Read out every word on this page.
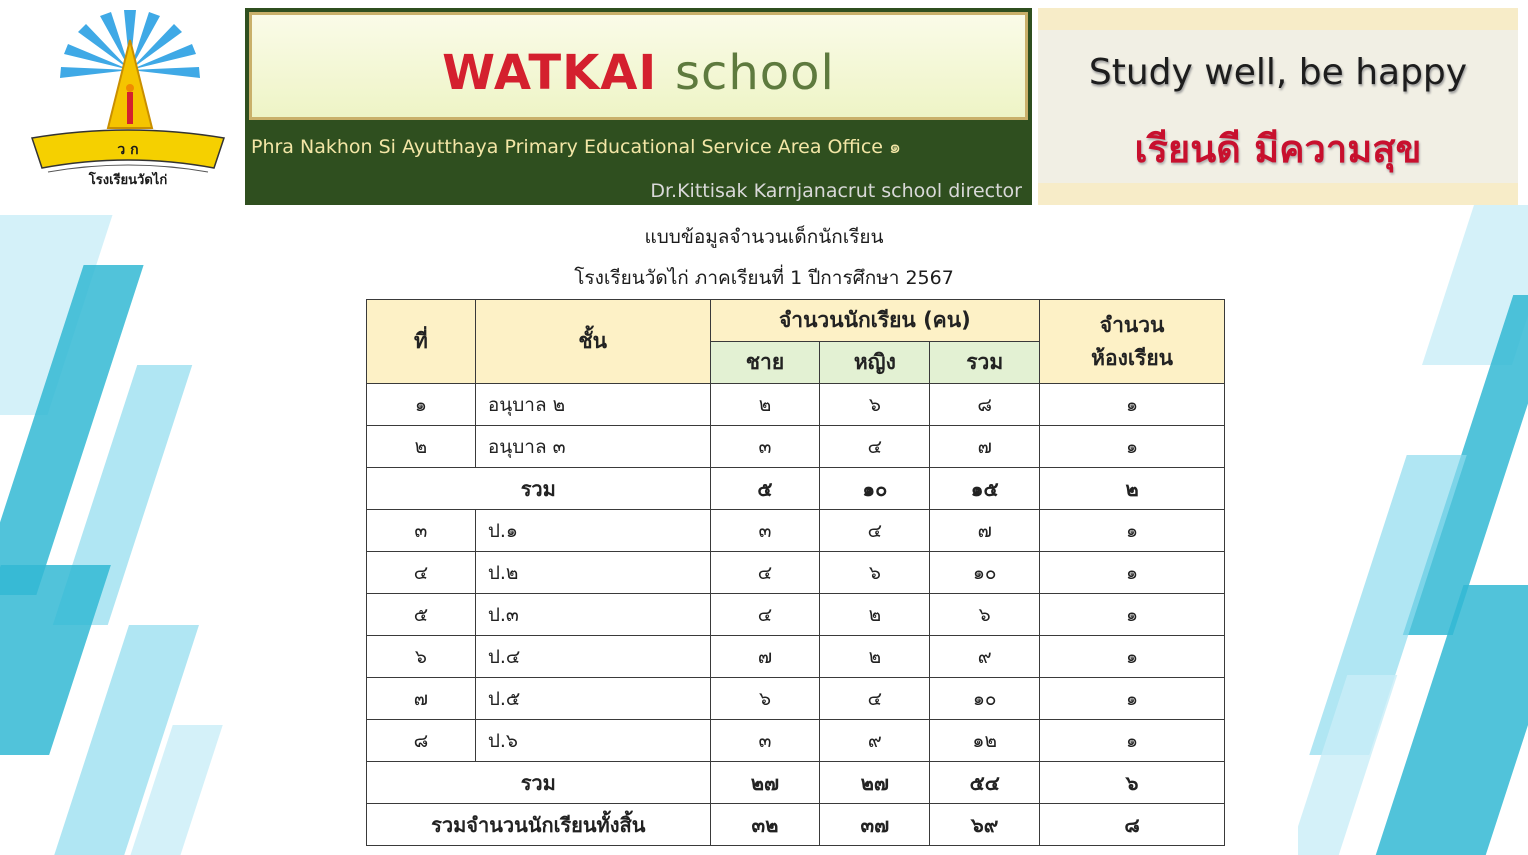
ว ก
โรงเรียนวัดไก่
WATKAI school
Phra Nakhon Si Ayutthaya Primary Educational Service Area Office ๑
Dr.Kittisak Karnjanacrut school director
Study well, be happy
เรียนดี มีความสุข
แบบข้อมูลจำนวนเด็กนักเรียน
โรงเรียนวัดไก่ ภาคเรียนที่ 1 ปีการศึกษา 2567
ที่	ชั้น	จำนวนนักเรียน (คน)			จำนวน
ห้องเรียน

		ชาย	หญิง	รวม	
๑	อนุบาล ๒	๒	๖	๘	๑
๒	อนุบาล ๓	๓	๔	๗	๑
รวม		๕	๑๐	๑๕	๒
๓	ป.๑	๓	๔	๗	๑
๔	ป.๒	๔	๖	๑๐	๑
๕	ป.๓	๔	๒	๖	๑
๖	ป.๔	๗	๒	๙	๑
๗	ป.๕	๖	๔	๑๐	๑
๘	ป.๖	๓	๙	๑๒	๑
รวม		๒๗	๒๗	๕๔	๖
รวมจำนวนนักเรียนทั้งสิ้น		๓๒	๓๗	๖๙	๘
